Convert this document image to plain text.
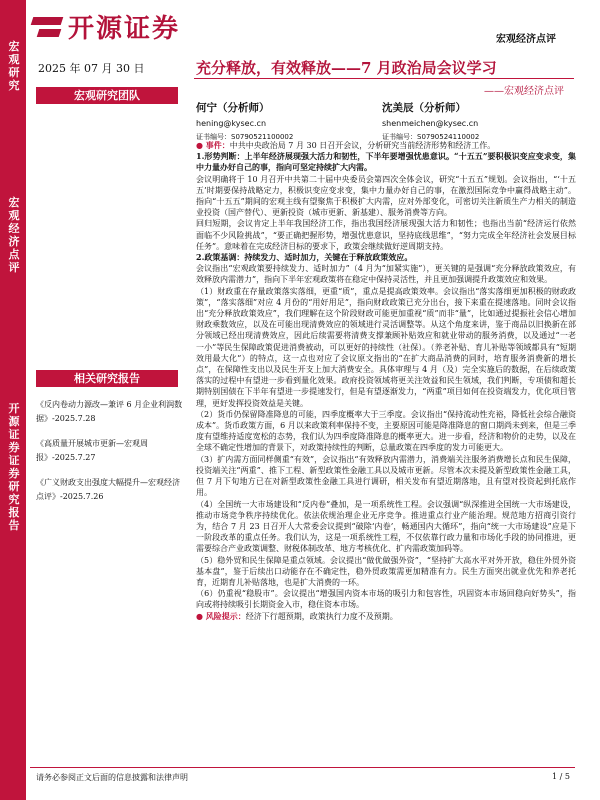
宏观研究
宏观经济点评
开源证券 证券研究报告
开源证券	宏观经济点评
2025 年 07 月 30 日
宏观研究团队
充分释放，有效释放——7 月政治局会议学习
——宏观经济点评
何宁（分析师）
hening@kysec.cn
证书编号：S0790521100002
沈美辰（分析师）
shenmeichen@kysec.cn
证书编号：S0790524110002
相关研究报告
《反内卷动力源改—兼评 6 月企业利润数据》-2025.7.28
《高质量开展城市更新—宏观周报》-2025.7.27
《广义财政支出强度大幅提升—宏观经济点评》-2025.7.26

● 事件：中共中央政治局 7 月 30 日召开会议，分析研究当前经济形势和经济工作。

1.形势判断：上半年经济展现强大活力和韧性，下半年要增强忧患意识。“十五五”要积极识变应变求变，集中力量办好自己的事，指向可坚定持续扩大内需。

会议明确将于 10 月召开中共第二十届中央委员会第四次全体会议，研究“十五五”规划。会议指出，“‘十五五’时期要保持战略定力，积极识变应变求变，集中力量办好自己的事，在激烈国际竞争中赢得战略主动”。指向“十五五”期间的宏观主线有望聚焦于积极扩大内需，应对外部变化，可密切关注新质生产力相关的制造业投资（国产替代）、更新投资（城市更新、新基建）、服务消费等方向。

回归短期，会议肯定上半年我国经济工作，指出我国经济展现强大活力和韧性；也指出当前“经济运行依然面临不少风险挑战”，“要正确把握形势，增强忧患意识，坚持底线思维”，“努力完成全年经济社会发展目标任务”。意味着在完成经济目标的要求下，政策会继续做好逆周期支持。

2.政策基调：持续发力、适时加力，关键在于释放政策效应。

会议指出“宏观政策要持续发力、适时加力”（4 月为“加紧实施”），更关键的是强调“充分释放政策效应，有效释放内需潜力”，指向下半年宏观政策将在稳定中保持灵活性，并且更加强调提升政策效应和效果。

（1）财政重在存量政策落实落细，更重“质”，重点是提高政策效率。会议指出“落实落细更加积极的财政政策”，“落实落细”对应 4 月份的“用好用足”，指向财政政策已充分出台，接下来重在提速落地。同时会议指出“充分释放政策效应”，我们理解在这个阶段财政可能更加重视“质”而非“量”，比如通过提振社会信心增加财政乘数效应，以及在可能出现清费效应的领域进行灵活调整等。从这个角度来讲，鉴于商品以旧换新在部分领域已经出现清费效应，因此后续需要将清费支撑兼顾补贴效应和就业带动的服务消费，以及通过“一老一小”等民生保障政策促进消费被动，可以更好的持续性（社保）。（养老补贴、育儿补贴等领域都具有“短期效用最大化”）的特点，这一点也对应了会议原文指出的“在扩大商品消费的同时，培育服务消费新的增长点”，在保障性支出以及民生开支上加大消费安全。具体审理与 4 月（及）完全实施后的数据，在后续政策落实的过程中有望进一步看到量化效果。政府投资领域将更关注效益和民生领域，我们判断，专项债和超长期特别国债在下半年有望进一步提速发行，但是有望逐渐发力，“两重”项目如何在投资端发力，优化项目管理，更好发挥投资效益是关键。

（2）货币仍保留降准降息的可能，四季度概率大于三季度。会议指出“保持流动性充裕，降低社会综合融资成本”。货币政策方面，6 月以来政策利率保持不变，主要原因可能是降准降息的窗口期尚未到来，但是三季度有望维持适度宽松的态势，我们认为四季度降准降息的概率更大。进一步看，经济和物价的走势，以及在全球不确定性增加的背景下，对政策持续性的判断，总量政策在四季度的发力可能更大。

（3）扩内需方面同样侧重“有效”，会议指出“有效释放内需潜力，消费端关注服务消费增长点和民生保障，投资端关注“两重”、推下工程、新型政策性金融工具以及城市更新。尽管本次未提及新型政策性金融工具，但 7 月下旬地方已在对新型政策性金融工具进行调研，相关发布有望近期落地，且有望对投资起到托底作用。

（4）全国统一大市场建设和“反内卷”叠加，是一项系统性工程。会议强调“纵深推进全国统一大市场建设，推动市场竞争秩序持续优化。依法依规治理企业无序竞争。推进重点行业产能治理。规范地方招商引资行为，结合 7 月 23 日召开人大常委会议提到“破除‘内卷’，畅通国内大循环”，指向“统一大市场建设”应是下一阶段改革的重点任务。我们认为，这是一项系统性工程，不仅依靠行政力量和市场化手段的协同推进，更需要综合产业政策调整、财税体制改革、地方考核优化、扩内需政策加码等。

（5）稳外贸和民生保障是重点领域。会议提出“做优做强外资”，“坚持扩大高水平对外开放，稳住外贸外资基本盘”，鉴于后续出口动能存在不确定性，稳外贸政策需更加精准有力。民生方面突出就业优先和养老托育，近期育儿补贴落地，也是扩大消费的一环。

（6）仍重视“稳股市”。会议提出“增强国内资本市场的吸引力和包容性，巩固资本市场回稳向好势头”，指向或将持续吸引长期资金入市，稳住资本市场。

● 风险提示：经济下行超预期，政策执行力度不及预期。

请务必参阅正文后面的信息披露和法律声明	1 / 5
